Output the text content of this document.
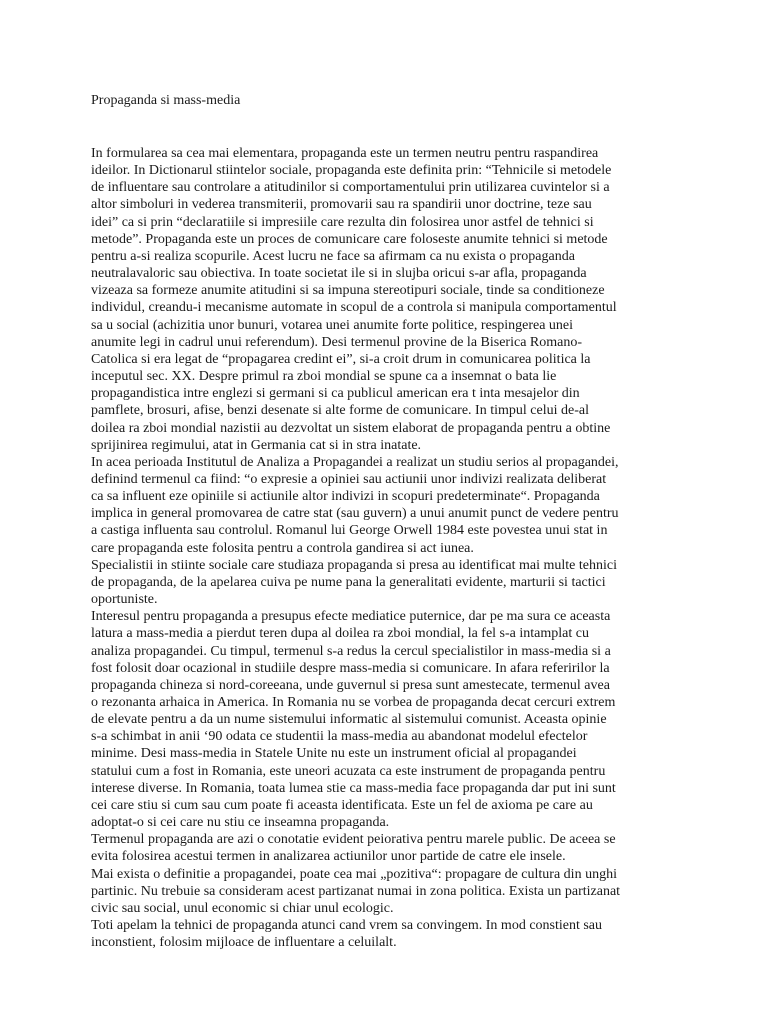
Propaganda si mass-media

In formularea sa cea mai elementara, propaganda este un termen neutru pentru raspandirea
ideilor. In Dictionarul stiintelor sociale, propaganda este definita prin: “Tehnicile si metodele
de influentare sau controlare a atitudinilor si comportamentului prin utilizarea cuvintelor si a
altor simboluri in vederea transmiterii, promovarii sau ra spandirii unor doctrine, teze sau
idei” ca si prin “declaratiile si impresiile care rezulta din folosirea unor astfel de tehnici si
metode”. Propaganda este un proces de comunicare care foloseste anumite tehnici si metode
pentru a-si realiza scopurile. Acest lucru ne face sa afirmam ca nu exista o propaganda
neutralavaloric sau obiectiva. In toate societat ile si in slujba oricui s-ar afla, propaganda
vizeaza sa formeze anumite atitudini si sa impuna stereotipuri sociale, tinde sa conditioneze
individul, creandu-i mecanisme automate in scopul de a controla si manipula comportamentul
sa u social (achizitia unor bunuri, votarea unei anumite forte politice, respingerea unei
anumite legi in cadrul unui referendum). Desi termenul provine de la Biserica Romano-
Catolica si era legat de “propagarea credint ei”, si-a croit drum in comunicarea politica la
inceputul sec. XX. Despre primul ra zboi mondial se spune ca a insemnat o bata lie
propagandistica intre englezi si germani si ca publicul american era t inta mesajelor din
pamflete, brosuri, afise, benzi desenate si alte forme de comunicare. In timpul celui de-al
doilea ra zboi mondial nazistii au dezvoltat un sistem elaborat de propaganda pentru a obtine
sprijinirea regimului, atat in Germania cat si in stra inatate.

In acea perioada Institutul de Analiza a Propagandei a realizat un studiu serios al propagandei,
definind termenul ca fiind: “o expresie a opiniei sau actiunii unor indivizi realizata deliberat
ca sa influent eze opiniile si actiunile altor indivizi in scopuri predeterminate“. Propaganda
implica in general promovarea de catre stat (sau guvern) a unui anumit punct de vedere pentru
a castiga influenta sau controlul. Romanul lui George Orwell 1984 este povestea unui stat in
care propaganda este folosita pentru a controla gandirea si act iunea.

Specialistii in stiinte sociale care studiaza propaganda si presa au identificat mai multe tehnici
de propaganda, de la apelarea cuiva pe nume pana la generalitati evidente, marturii si tactici
oportuniste.

Interesul pentru propaganda a presupus efecte mediatice puternice, dar pe ma sura ce aceasta
latura a mass-media a pierdut teren dupa al doilea ra zboi mondial, la fel s-a intamplat cu
analiza propagandei. Cu timpul, termenul s-a redus la cercul specialistilor in mass-media si a
fost folosit doar ocazional in studiile despre mass-media si comunicare. In afara referirilor la
propaganda chineza si nord-coreeana, unde guvernul si presa sunt amestecate, termenul avea
o rezonanta arhaica in America. In Romania nu se vorbea de propaganda decat cercuri extrem
de elevate pentru a da un nume sistemului informatic al sistemului comunist. Aceasta opinie
s-a schimbat in anii ‘90 odata ce studentii la mass-media au abandonat modelul efectelor
minime. Desi mass-media in Statele Unite nu este un instrument oficial al propagandei
statului cum a fost in Romania, este uneori acuzata ca este instrument de propaganda pentru
interese diverse. In Romania, toata lumea stie ca mass-media face propaganda dar put ini sunt
cei care stiu si cum sau cum poate fi aceasta identificata. Este un fel de axioma pe care au
adoptat-o si cei care nu stiu ce inseamna propaganda.

Termenul propaganda are azi o conotatie evident peiorativa pentru marele public. De aceea se
evita folosirea acestui termen in analizarea actiunilor unor partide de catre ele insele.

Mai exista o definitie a propagandei, poate cea mai „pozitiva“: propagare de cultura din unghi
partinic. Nu trebuie sa consideram acest partizanat numai in zona politica. Exista un partizanat
civic sau social, unul economic si chiar unul ecologic.

Toti apelam la tehnici de propaganda atunci cand vrem sa convingem. In mod constient sau
inconstient, folosim mijloace de influentare a celuilalt.
